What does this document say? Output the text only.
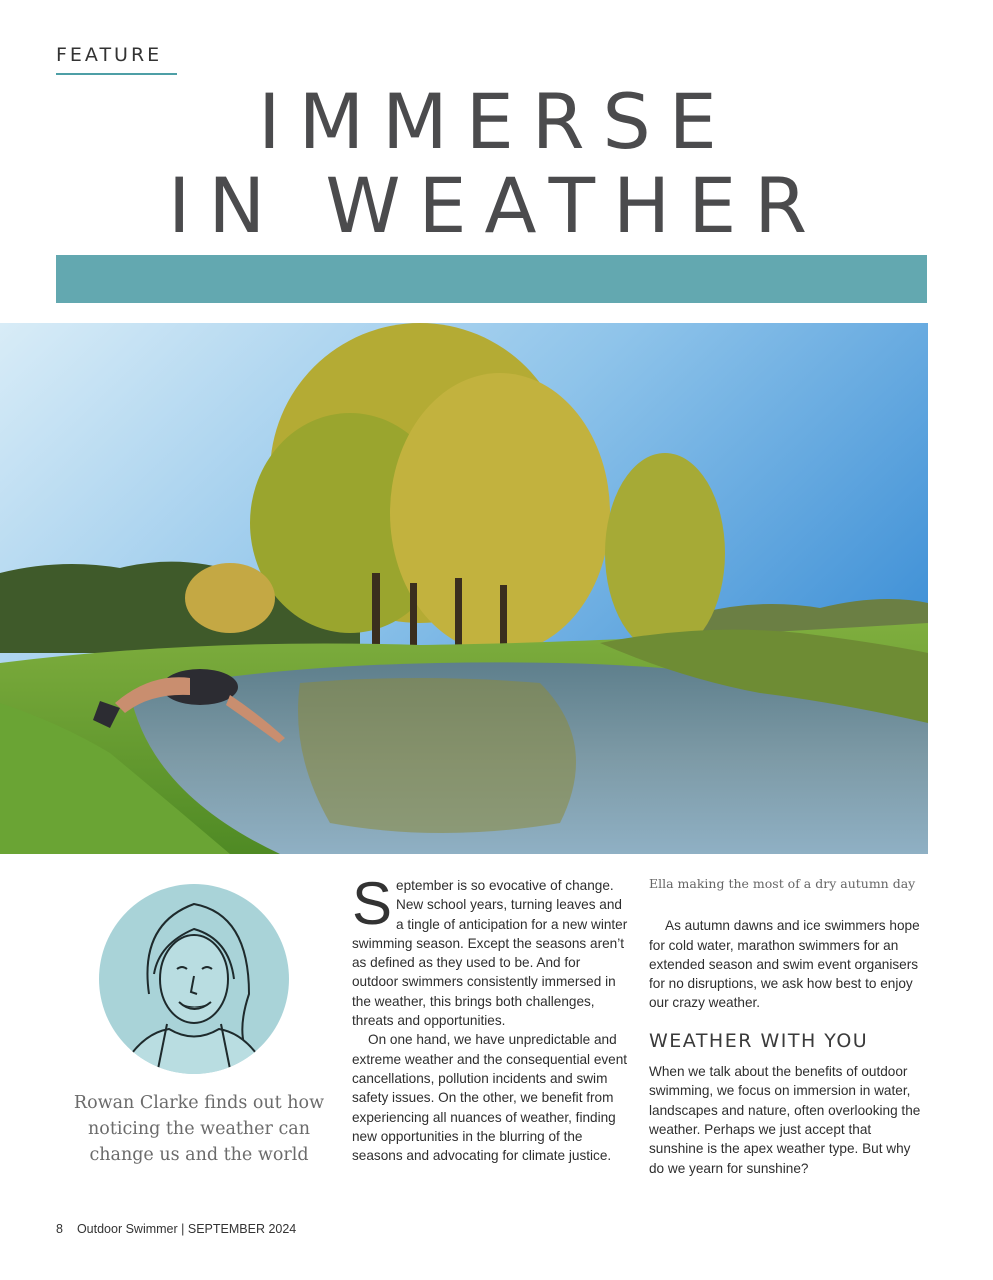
FEATURE
IMMERSE
IN WEATHER

Rowan Clarke finds out how noticing the weather can change us and the world

September is so evocative of change. New school years, turning leaves and a tingle of anticipation for a new winter swimming season. Except the seasons aren’t as defined as they used to be. And for outdoor swimmers consistently immersed in the weather, this brings both challenges, threats and opportunities.

On one hand, we have unpredictable and extreme weather and the consequential event cancellations, pollution incidents and swim safety issues. On the other, we benefit from experiencing all nuances of weather, finding new opportunities in the blurring of the seasons and advocating for climate justice.

Ella making the most of a dry autumn day

As autumn dawns and ice swimmers hope for cold water, marathon swimmers for an extended season and swim event organisers for no disruptions, we ask how best to enjoy our crazy weather.

WEATHER WITH YOU

When we talk about the benefits of outdoor swimming, we focus on immersion in water, landscapes and nature, often overlooking the weather. Perhaps we just accept that sunshine is the apex weather type. But why do we yearn for sunshine?

8 Outdoor Swimmer | SEPTEMBER 2024
